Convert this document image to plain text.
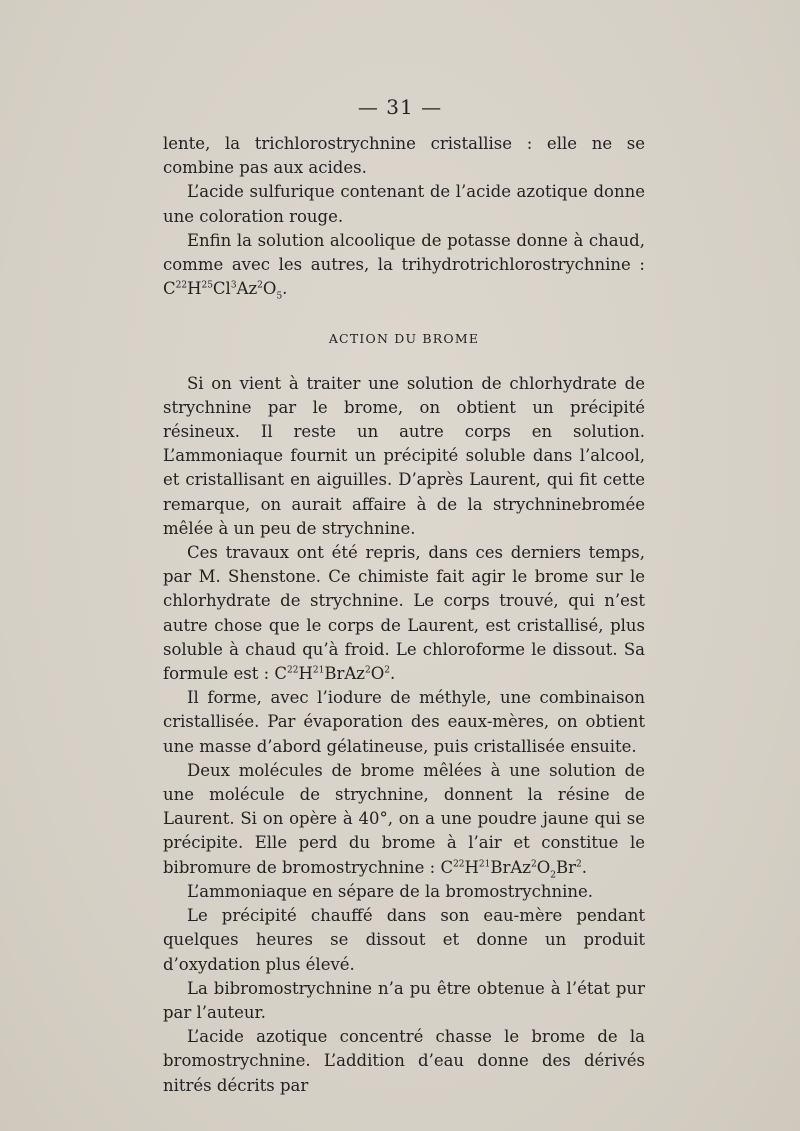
— 31 —

lente, la trichlorostrychnine cristallise : elle ne se combine pas aux acides.

L’acide sulfurique contenant de l’acide azotique donne une coloration rouge.

Enfin la solution alcoolique de potasse donne à chaud, comme avec les autres, la trihydrotrichlorostrychnine : $C^{22}H^{25}Cl^3Az^2O_5$.

ACTION DU BROME

Si on vient à traiter une solution de chlorhydrate de strychnine par le brome, on obtient un précipité résineux. Il reste un autre corps en solution. L’ammoniaque fournit un précipité soluble dans l’alcool, et cristallisant en aiguilles. D’après Laurent, qui fit cette remarque, on aurait affaire à de la strychninebromée mêlée à un peu de strychnine.

Ces travaux ont été repris, dans ces derniers temps, par M. Shenstone. Ce chimiste fait agir le brome sur le chlorhydrate de strychnine. Le corps trouvé, qui n’est autre chose que le corps de Laurent, est cristallisé, plus soluble à chaud qu’à froid. Le chloroforme le dissout. Sa formule est : $C^{22}H^{21}BrAz^2O^2$.

Il forme, avec l’iodure de méthyle, une combinaison cristallisée. Par évaporation des eaux-mères, on obtient une masse d’abord gélatineuse, puis cristallisée ensuite.

Deux molécules de brome mêlées à une solution de une molécule de strychnine, donnent la résine de Laurent. Si on opère à 40°, on a une poudre jaune qui se précipite. Elle perd du brome à l’air et constitue le bibromure de bromostrychnine : $C^{22}H^{21}BrAz^2O_2Br^2$.

L’ammoniaque en sépare de la bromostrychnine.

Le précipité chauffé dans son eau-mère pendant quelques heures se dissout et donne un produit d’oxydation plus élevé.

La bibromostrychnine n’a pu être obtenue à l’état pur par l’auteur.

L’acide azotique concentré chasse le brome de la bromostrychnine. L’addition d’eau donne des dérivés nitrés décrits par
